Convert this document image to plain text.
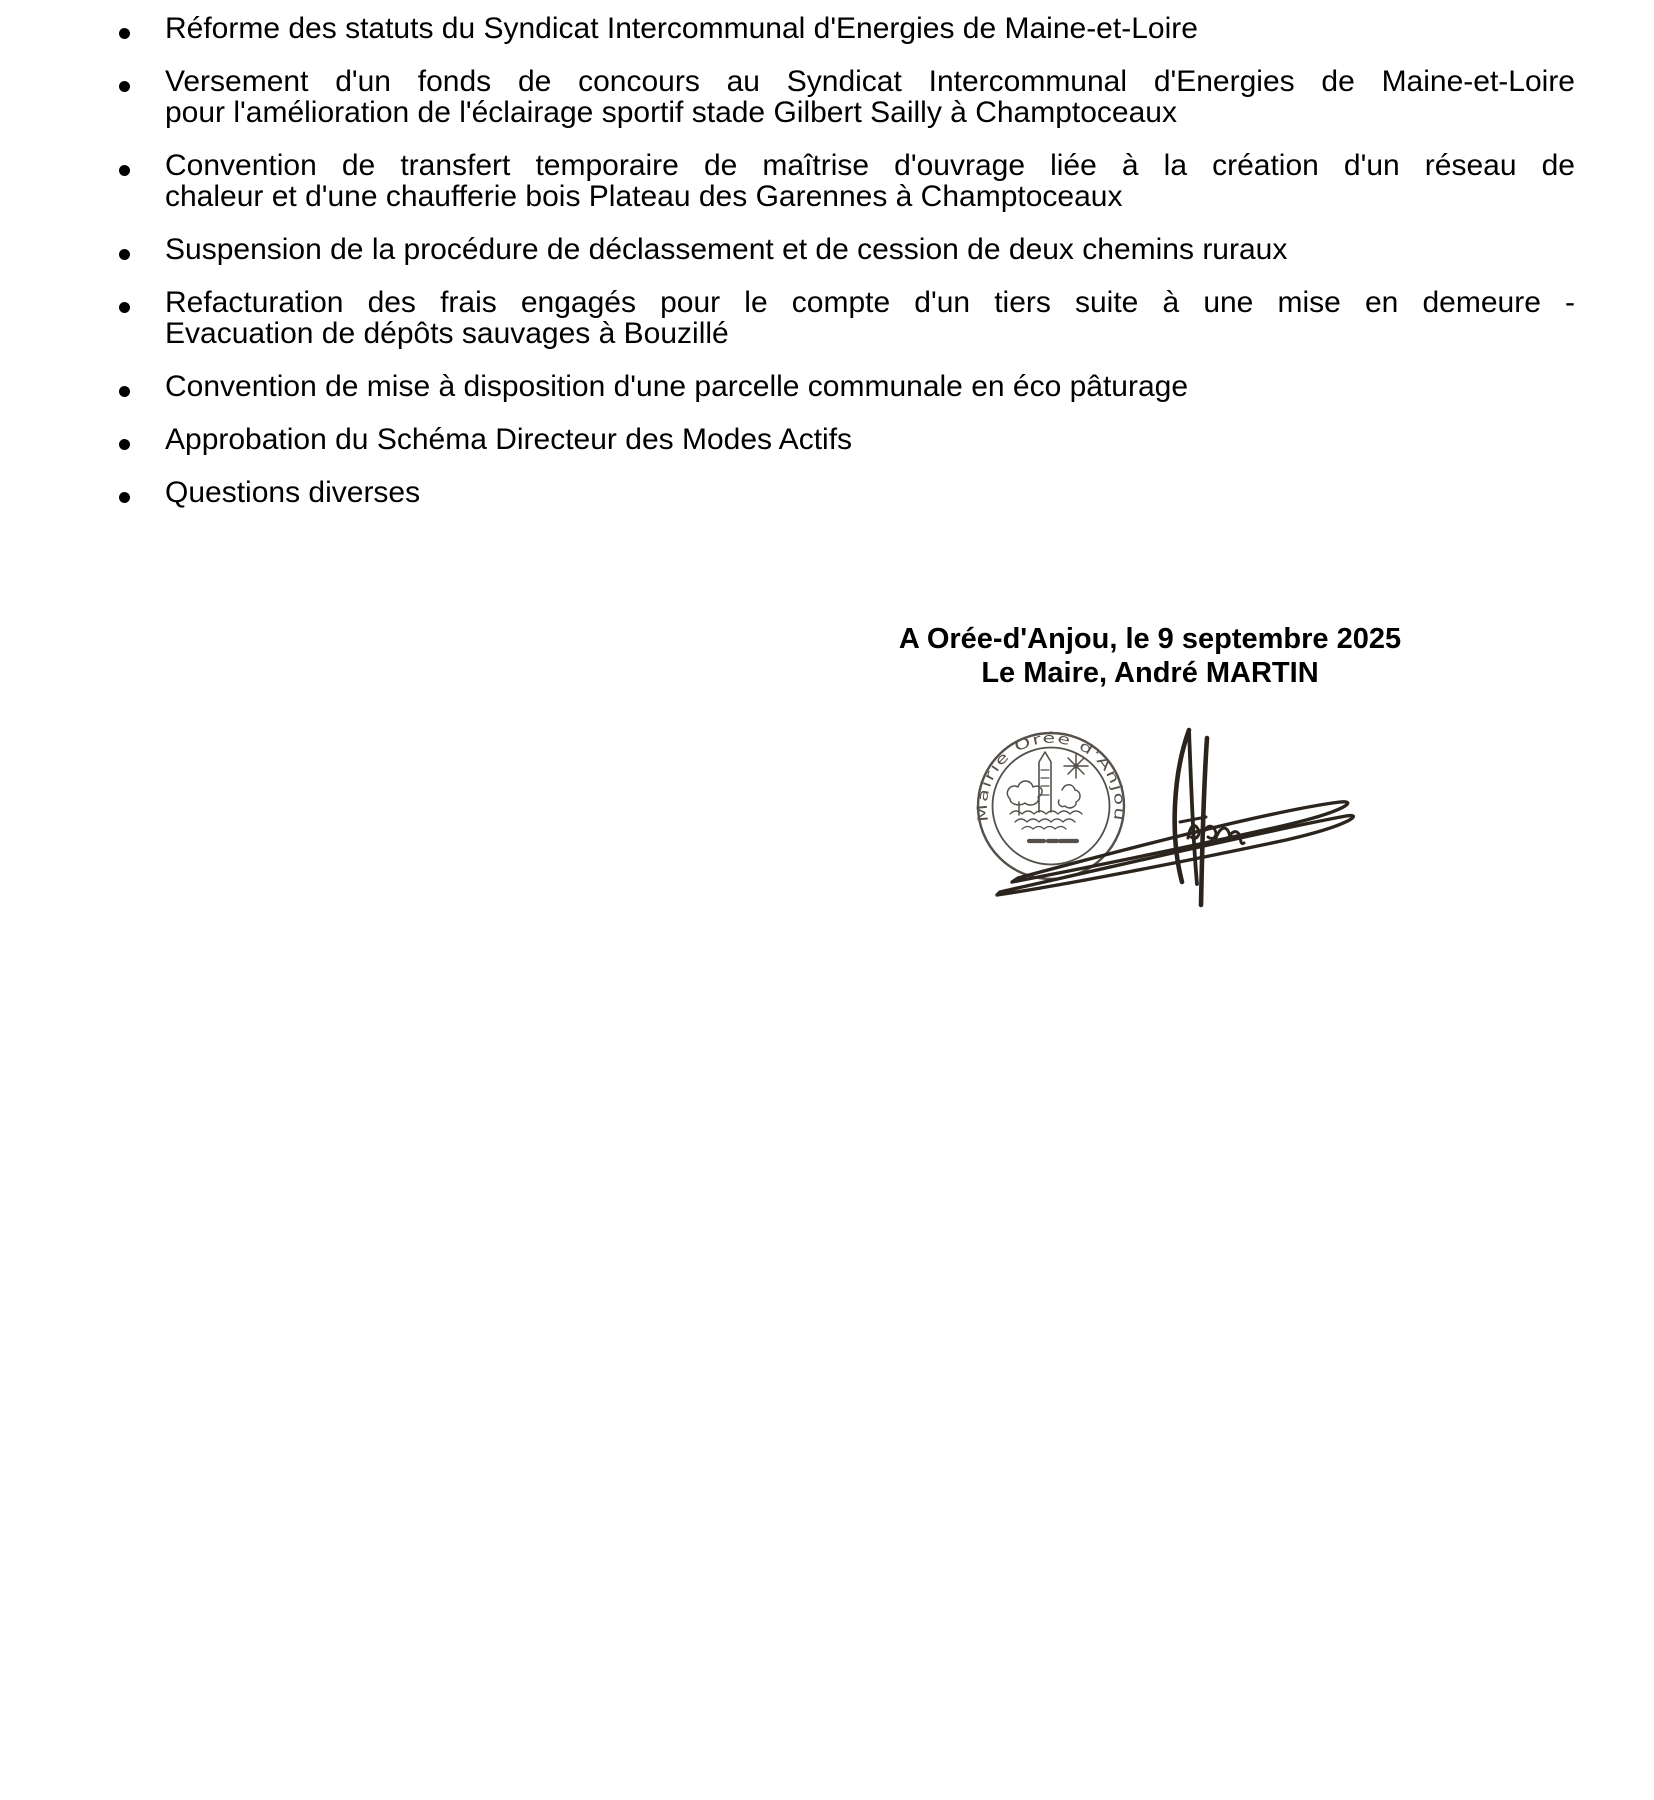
Réforme des statuts du Syndicat Intercommunal d'Energies de Maine-et-Loire
Versement d'un fonds de concours au Syndicat Intercommunal d'Energies de Maine-et-Loire
pour l'amélioration de l'éclairage sportif stade Gilbert Sailly à Champtoceaux
Convention de transfert temporaire de maîtrise d'ouvrage liée à la création d'un réseau de
chaleur et d'une chaufferie bois Plateau des Garennes à Champtoceaux
Suspension de la procédure de déclassement et de cession de deux chemins ruraux
Refacturation des frais engagés pour le compte d'un tiers suite à une mise en demeure -
Evacuation de dépôts sauvages à Bouzillé
Convention de mise à disposition d'une parcelle communale en éco pâturage
Approbation du Schéma Directeur des Modes Actifs
Questions diverses
A Orée-d'Anjou, le 9 septembre 2025
Le Maire, André MARTIN
Mairie Orée d'Anjou
